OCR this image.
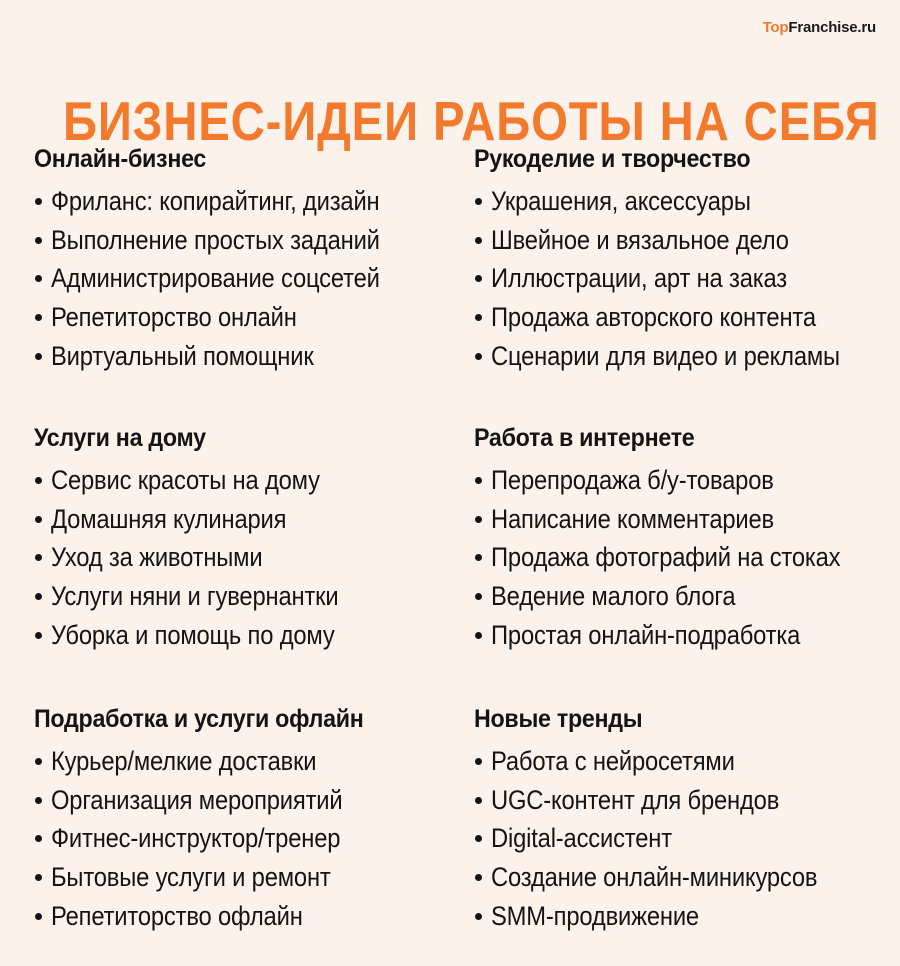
TopFranchise.ru
БИЗНЕС-ИДЕИ РАБОТЫ НА СЕБЯ
Онлайн-бизнес
Фриланс: копирайтинг, дизайн
Выполнение простых заданий
Администрирование соцсетей
Репетиторство онлайн
Виртуальный помощник
Рукоделие и творчество
Украшения, аксессуары
Швейное и вязальное дело
Иллюстрации, арт на заказ
Продажа авторского контента
Сценарии для видео и рекламы
Услуги на дому
Сервис красоты на дому
Домашняя кулинария
Уход за животными
Услуги няни и гувернантки
Уборка и помощь по дому
Работа в интернете
Перепродажа б/у-товаров
Написание комментариев
Продажа фотографий на стоках
Ведение малого блога
Простая онлайн-подработка
Подработка и услуги офлайн
Курьер/мелкие доставки
Организация мероприятий
Фитнес-инструктор/тренер
Бытовые услуги и ремонт
Репетиторство офлайн
Новые тренды
Работа с нейросетями
UGC-контент для брендов
Digital-ассистент
Создание онлайн-миникурсов
SMM-продвижение
